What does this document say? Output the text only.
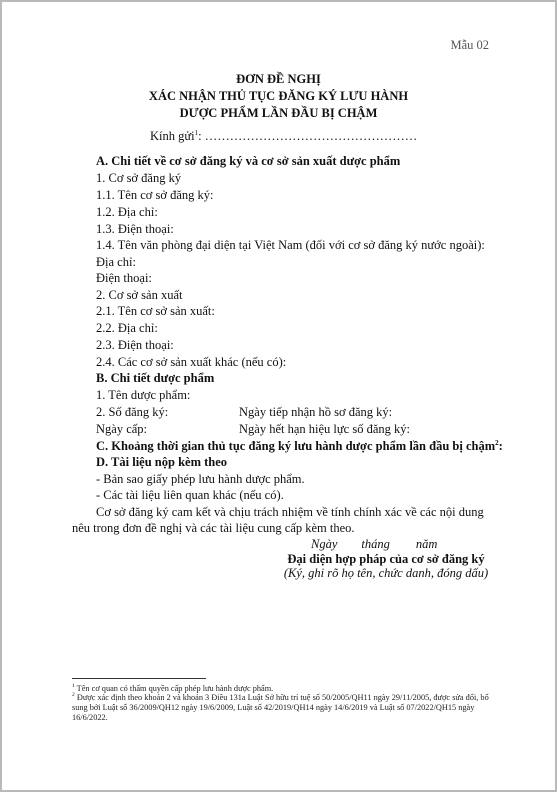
Mẫu 02
ĐƠN ĐỀ NGHỊ
XÁC NHẬN THỦ TỤC ĐĂNG KÝ LƯU HÀNH
DƯỢC PHẨM LẦN ĐẦU BỊ CHẬM
Kính gửi$^1$: ……………………………………………
A. Chi tiết về cơ sở đăng ký và cơ sở sản xuất dược phẩm
1. Cơ sở đăng ký
1.1. Tên cơ sở đăng ký:
1.2. Địa chỉ:
1.3. Điện thoại:
1.4. Tên văn phòng đại diện tại Việt Nam (đối với cơ sở đăng ký nước ngoài):
Địa chỉ:
Điện thoại:
2. Cơ sở sản xuất
2.1. Tên cơ sở sản xuất:
2.2. Địa chỉ:
2.3. Điện thoại:
2.4. Các cơ sở sản xuất khác (nếu có):
B. Chi tiết dược phẩm
1. Tên dược phẩm:
2. Số đăng ký:	Ngày tiếp nhận hồ sơ đăng ký:
Ngày cấp:	Ngày hết hạn hiệu lực số đăng ký:
C. Khoảng thời gian thủ tục đăng ký lưu hành dược phẩm lần đầu bị chậm$^2$:
D. Tài liệu nộp kèm theo
- Bản sao giấy phép lưu hành dược phẩm.
- Các tài liệu liên quan khác (nếu có).
Cơ sở đăng ký cam kết và chịu trách nhiệm về tính chính xác về các nội dung nêu trong đơn đề nghị và các tài liệu cung cấp kèm theo.
Ngày tháng năm
Đại diện hợp pháp của cơ sở đăng ký
(Ký, ghi rõ họ tên, chức danh, đóng dấu)
$^1$ Tên cơ quan có thẩm quyền cấp phép lưu hành dược phẩm.
$^2$ Được xác định theo khoản 2 và khoản 3 Điều 131a Luật Sở hữu trí tuệ số 50/2005/QH11 ngày 29/11/2005, được sửa đổi, bổ sung bởi Luật số 36/2009/QH12 ngày 19/6/2009, Luật số 42/2019/QH14 ngày 14/6/2019 và Luật số 07/2022/QH15 ngày 16/6/2022.
